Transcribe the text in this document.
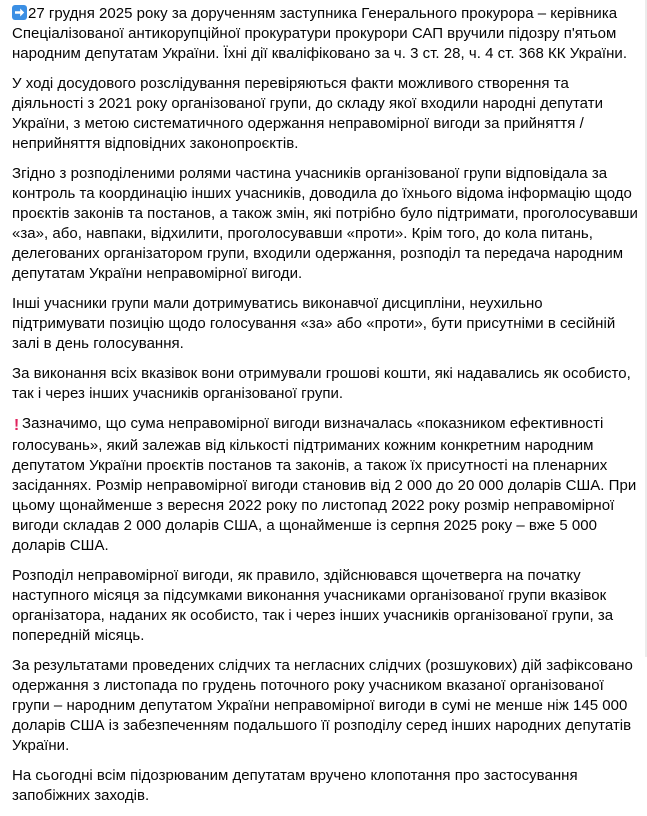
27 грудня 2025 року за дорученням заступника Генерального прокурора – керівника Спеціалізованої антикорупційної прокуратури прокурори САП вручили підозру п'ятьом народним депутатам України. Їхні дії кваліфіковано за ч. 3 ст. 28, ч. 4 ст. 368 КК України.

У ході досудового розслідування перевіряються факти можливого створення та діяльності з 2021 року організованої групи, до складу якої входили народні депутати України, з метою систематичного одержання неправомірної вигоди за прийняття / неприйняття відповідних законопроєктів.

Згідно з розподіленими ролями частина учасників організованої групи відповідала за контроль та координацію інших учасників, доводила до їхнього відома інформацію щодо проєктів законів та постанов, а також змін, які потрібно було підтримати, проголосувавши «за», або, навпаки, відхилити, проголосувавши «проти». Крім того, до кола питань, делегованих організатором групи, входили одержання, розподіл та передача народним депутатам України неправомірної вигоди.

Інші учасники групи мали дотримуватись виконавчої дисципліни, неухильно підтримувати позицію щодо голосування «за» або «проти», бути присутніми в сесійній залі в день голосування.

За виконання всіх вказівок вони отримували грошові кошти, які надавались як особисто, так і через інших учасників організованої групи.

! Зазначимо, що сума неправомірної вигоди визначалась «показником ефективності голосувань», який залежав від кількості підтриманих кожним конкретним народним депутатом України проєктів постанов та законів, а також їх присутності на пленарних засіданнях. Розмір неправомірної вигоди становив від 2 000 до 20 000 доларів США. При цьому щонайменше з вересня 2022 року по листопад 2022 року розмір неправомірної вигоди складав 2 000 доларів США, а щонайменше із серпня 2025 року – вже 5 000 доларів США.

Розподіл неправомірної вигоди, як правило, здійснювався щочетверга на початку наступного місяця за підсумками виконання учасниками організованої групи вказівок організатора, наданих як особисто, так і через інших учасників організованої групи, за попередній місяць.

За результатами проведених слідчих та негласних слідчих (розшукових) дій зафіксовано одержання з листопада по грудень поточного року учасником вказаної організованої групи – народним депутатом України неправомірної вигоди в сумі не менше ніж 145 000 доларів США із забезпеченням подальшого її розподілу серед інших народних депутатів України.

На сьогодні всім підозрюваним депутатам вручено клопотання про застосування запобіжних заходів.
